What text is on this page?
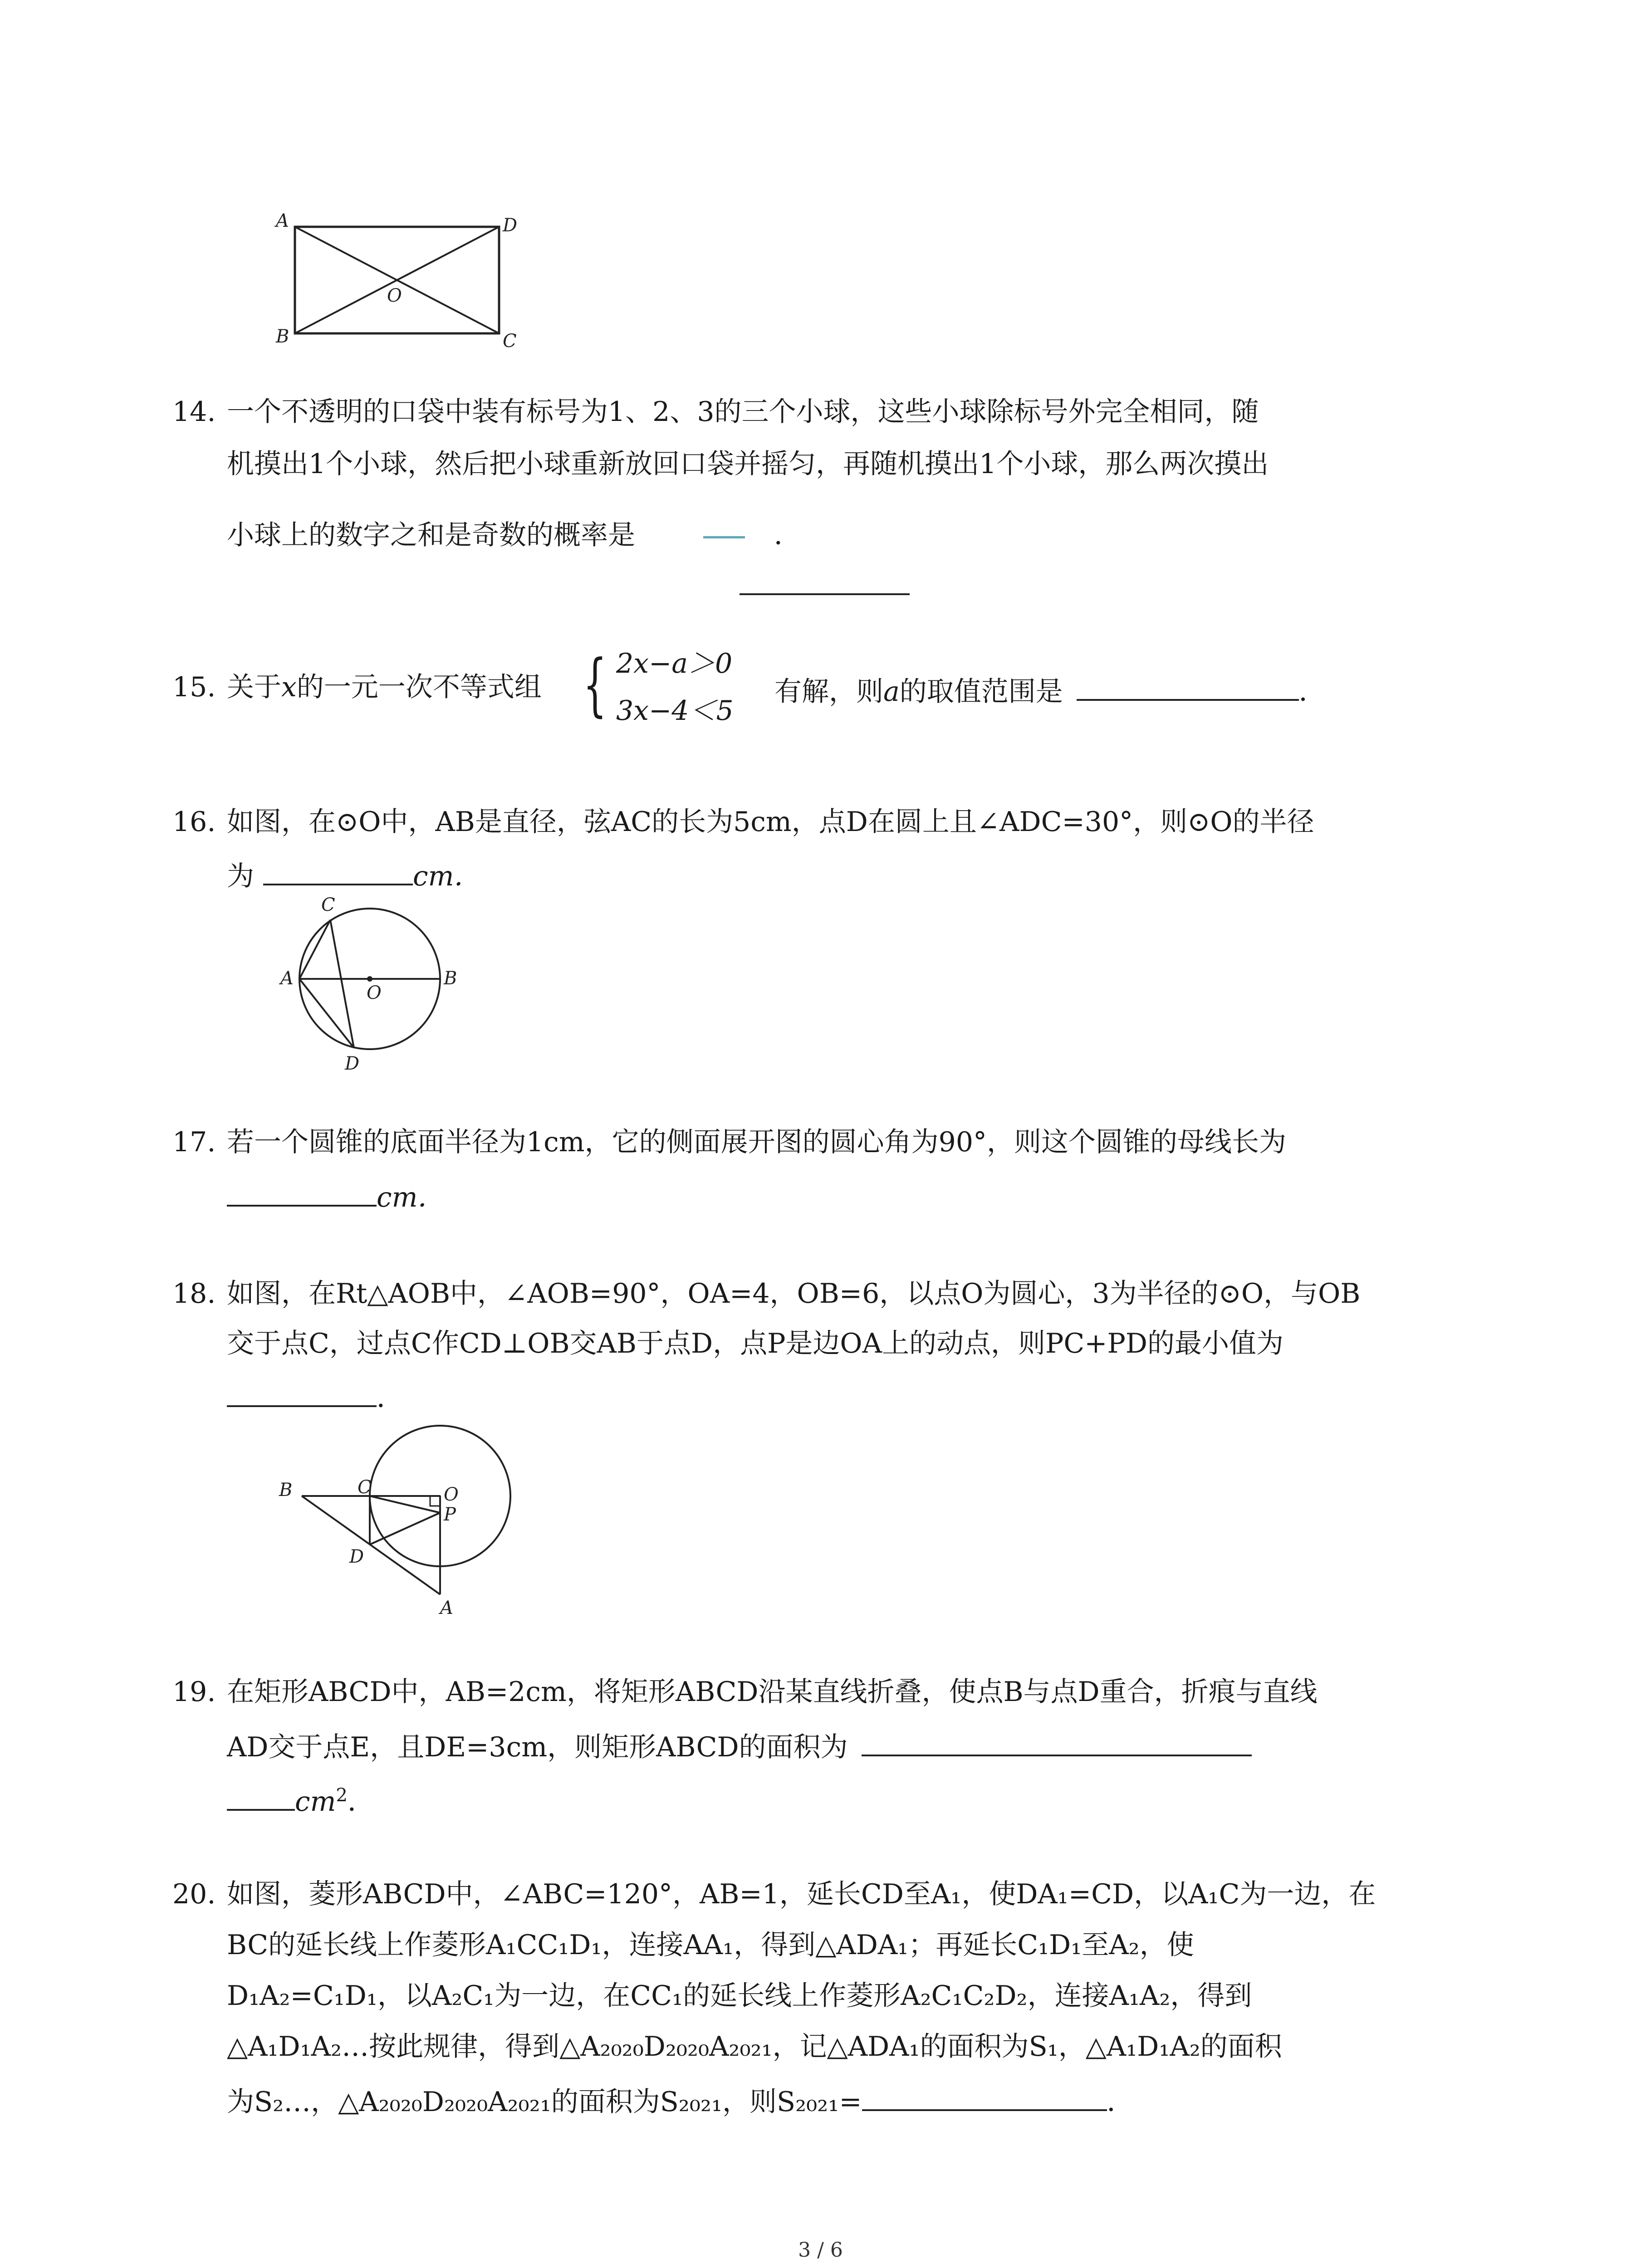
A
B	C
D
O
14. 一个不透明的口袋中装有标号为1、2、3的三个小球，这些小球除标号外完全相同，随
机摸出1个小球，然后把小球重新放回口袋并摇匀，再随机摸出1个小球，那么两次摸出
小球上的数字之和是奇数的概率是	．
15. 关于x的一元一次不等式组 { 2x−a＞0
3x−4＜5
有解，则a的取值范围是	．
16. 如图，在⊙O中，AB是直径，弦AC的长为5cm，点D在圆上且∠ADC=30°，则⊙O的半径
为	cm．
A	B
C
D
O
17. 若一个圆锥的底面半径为1cm，它的侧面展开图的圆心角为90°，则这个圆锥的母线长为
cm．
18. 如图，在Rt△AOB中，∠AOB=90°，OA=4，OB=6，以点O为圆心，3为半径的⊙O，与OB
交于点C，过点C作CD⊥OB交AB于点D，点P是边OA上的动点，则PC+PD的最小值为
．
B	C	O
P
D
A
19. 在矩形ABCD中，AB=2cm，将矩形ABCD沿某直线折叠，使点B与点D重合，折痕与直线
AD交于点E，且DE=3cm，则矩形ABCD的面积为
$cm^2$．
20. 如图，菱形ABCD中，∠ABC=120°，AB=1，延长CD至A₁，使DA₁=CD，以A₁C为一边，在
BC的延长线上作菱形A₁CC₁D₁，连接AA₁，得到△ADA₁；再延长C₁D₁至A₂，使
D₁A₂=C₁D₁，以A₂C₁为一边，在CC₁的延长线上作菱形A₂C₁C₂D₂，连接A₁A₂，得到
△A₁D₁A₂…按此规律，得到△A₂₀₂₀D₂₀₂₀A₂₀₂₁，记△ADA₁的面积为S₁，△A₁D₁A₂的面积
为S₂…，△A₂₀₂₀D₂₀₂₀A₂₀₂₁的面积为S₂₀₂₁，则S₂₀₂₁=	．
3 / 6
